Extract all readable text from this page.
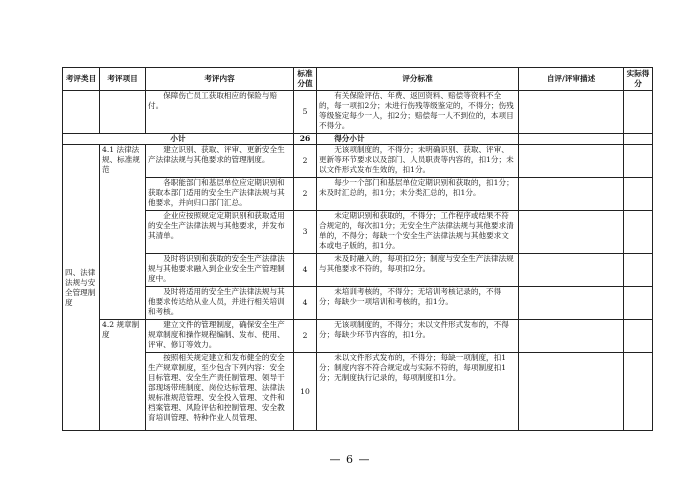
考评类目	考评项目	考评内容	标准分值	评分标准	自评/评审描述	实际得分
		保障伤亡员工获取相应的保险与赔付。	5	有关保险评估、年费、返回资料、赔偿等资料不全的，每一项扣2分；未进行伤残等级鉴定的，不得分；伤残等级鉴定每少一人，扣2分；赔偿每一人不到位的，本项目不得分。		
小计			26	得分小计		
四、法律法规与安全管理制度	4.1 法律法规、标准规范	建立识别、获取、评审、更新安全生产法律法规与其他要求的管理制度。	2	无该项制度的，不得分；未明确识别、获取、评审、更新等环节要求以及部门、人员职责等内容的，扣1分；未以文件形式发布生效的，扣1分。		
		各职能部门和基层单位应定期识别和获取本部门适用的安全生产法律法规与其他要求，并向归口部门汇总。	2	每少一个部门和基层单位定期识别和获取的，扣1分；未及时汇总的，扣1分；未分类汇总的，扣1分。		
		企业应按照规定定期识别和获取适用的安全生产法律法规与其他要求，并发布其清单。	3	未定期识别和获取的，不得分；工作程序或结果不符合规定的，每次扣1分；无安全生产法律法规与其他要求清单的，不得分；每缺一个安全生产法律法规与其他要求文本或电子版的，扣1分。		
		及时将识别和获取的安全生产法律法规与其他要求融入到企业安全生产管理制度中。	4	未及时融入的，每项扣2分；制度与安全生产法律法规与其他要求不符的，每项扣2分。		
		及时将适用的安全生产法律法规与其他要求传达给从业人员，并进行相关培训和考核。	4	未培训考核的，不得分；无培训考核记录的，不得分；每缺少一项培训和考核的，扣1分。		
	4.2 规章制度	建立文件的管理制度，确保安全生产规章制度和操作规程编制、发布、使用、评审、修订等效力。	2	无该项制度的，不得分；未以文件形式发布的，不得分；每缺少环节内容的，扣1分。		
		按照相关规定建立和发布健全的安全生产规章制度，至少包含下列内容：安全目标管理、安全生产责任制管理、领导干部现场带班制度、岗位达标管理、法律法规标准规范管理、安全投入管理、文件和档案管理、风险评估和控制管理、安全教育培训管理、特种作业人员管理、	10	未以文件形式发布的，不得分；每缺一项制度，扣1分；制度内容不符合规定或与实际不符的，每项制度扣1分；无制度执行记录的，每项制度扣1分。		
— 6 —
